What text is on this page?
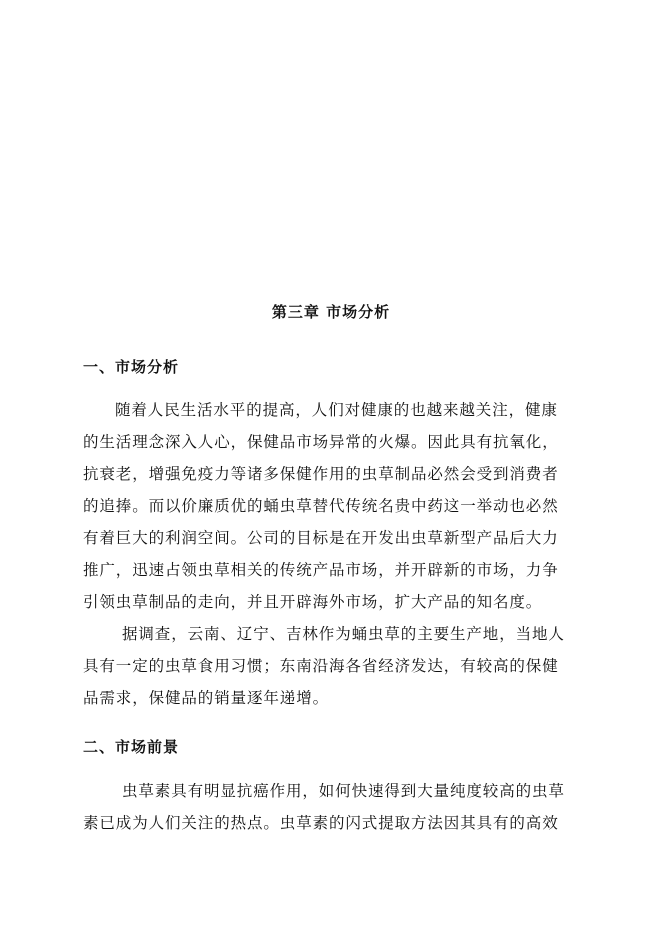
第三章 市场分析
一、市场分析
随着人民生活水平的提高，人们对健康的也越来越关注，健康
的生活理念深入人心，保健品市场异常的火爆。因此具有抗氧化，
抗衰老，增强免疫力等诸多保健作用的虫草制品必然会受到消费者
的追捧。而以价廉质优的蛹虫草替代传统名贵中药这一举动也必然
有着巨大的利润空间。公司的目标是在开发出虫草新型产品后大力
推广，迅速占领虫草相关的传统产品市场，并开辟新的市场，力争
引领虫草制品的走向，并且开辟海外市场，扩大产品的知名度。
据调查，云南、辽宁、吉林作为蛹虫草的主要生产地，当地人
具有一定的虫草食用习惯；东南沿海各省经济发达，有较高的保健
品需求，保健品的销量逐年递增。
二、市场前景
虫草素具有明显抗癌作用，如何快速得到大量纯度较高的虫草
素已成为人们关注的热点。虫草素的闪式提取方法因其具有的高效
